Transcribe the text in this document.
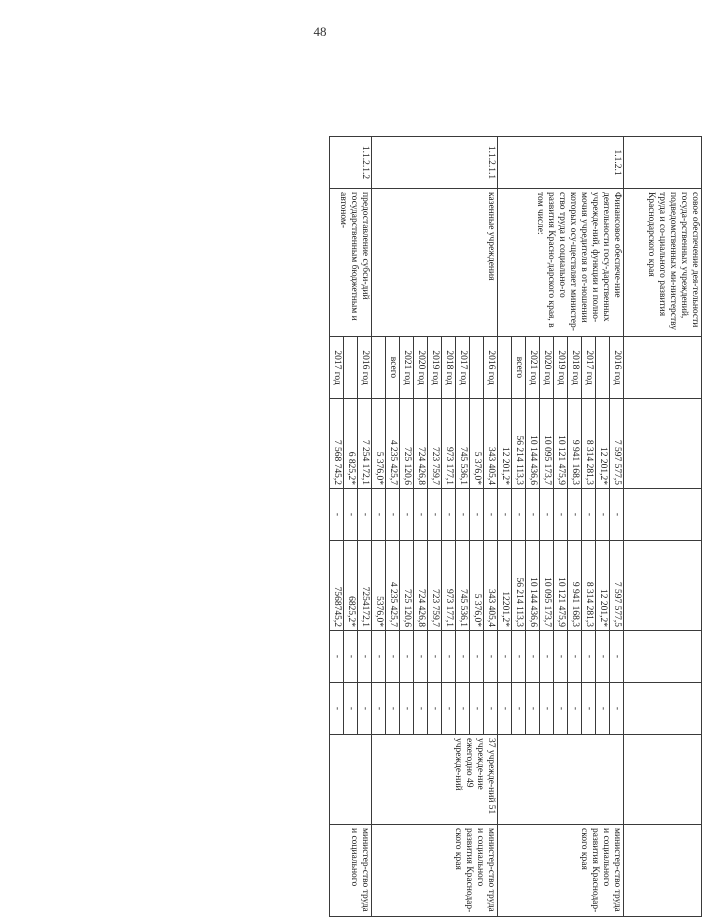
48
	совое обеспечение дея-тельности госуда-рственных учреждений, подведомственных ми-нистерству труда и со-циального развития Краснодарского края								
1.1.2.1	Финансовое обеспече-ние деятельности госу-дарственных учрежде-ний, функции и полно-мочия учредителя в от-ношении которых осу-ществляет министер-ство труда и социально-го развития Красно-дарского края, в том числе:	2016 год	7 597 577,5	-	7 597 577,5	-	-		министер-ство труда и социального развития Краснодар-ского края
			12 201,2*	-	12 201,2*	-	-		
		2017 год	8 314 281,3	-	8 314 281,3	-	-		
		2018 год	9 941 168,3	-	9 941 168,3	-	-		
		2019 год	10 121 475,9	-	10 121 475,9	-	-		
		2020 год	10 095 173,7	-	10 095 173,7	-	-		
		2021 год	10 144 436,6	-	10 144 436,6	-	-		
		всего	56 214 113,3	-	56 214 113,3	-	-		
			12 201,2*	-	12201,2*	-	-		
1.1.2.1.1	казенные учреждения	2016 год	343 405,4	-	343 405,4	-	-	37 учрежде-ний 51 учрежде-ние ежегодно 49 учрежде-ний	министер-ство труда и социального развития Краснодар-ского края
			5 376,0*	-	5 376,0*	-	-		
		2017 год	745 536,1	-	745 536,1	-	-		
		2018 год	973 177,1	-	973 177,1	-	-		
		2019 год	723 759,7	-	723 759,7	-	-		
		2020 год	724 426,8	-	724 426,8	-	-		
		2021 год	725 120,6	-	725 120,6	-	-		
		всего	4 235 425,7	-	4 235 425,7	-	-		
			5 376,0*	-	5376,0*	-	-		
1.1.2.1.2	предоставление субси-дий государственным бюджетным и автоном-	2016 год	7 254 172,1	-	7254172,1	-	-		министер-ство труда и социального
			6 825,2*	-	6825,2*	-	-		
		2017 год	7 568 745,2	-	7568745,2	-	-		
